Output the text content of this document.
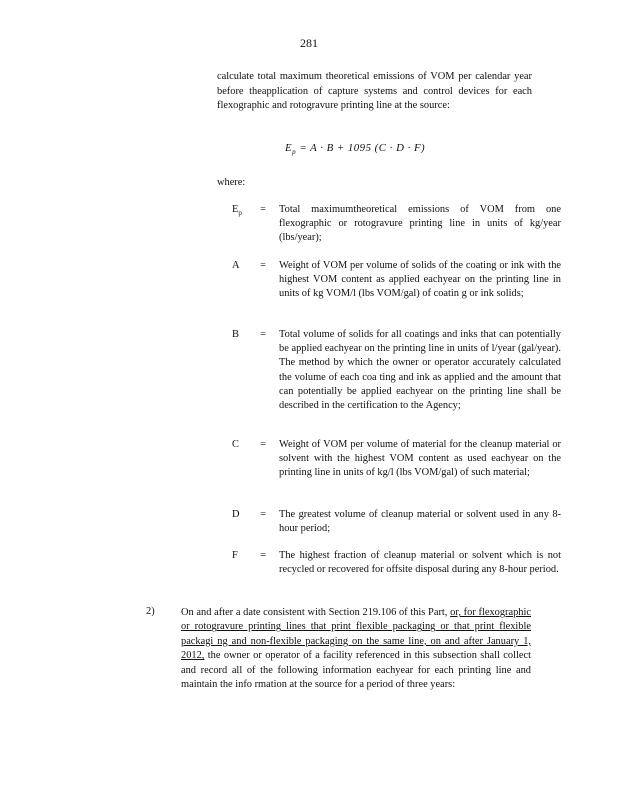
281
calculate total maximum theoretical emissions of VOM per calendar year before theapplication of capture systems and control devices for each flexographic and rotogravure printing line at the source:
$E_p = A \cdot B + 1095$ (C · D · F)
where:
$E_p$	= Total maximumtheoretical emissions of VOM from one flexographic or rotogravure printing line in units of kg/year (lbs/year);
A	= Weight of VOM per volume of solids of the coating or ink with the highest VOM content as applied eachyear on the printing line in units of kg VOM/l (lbs VOM/gal) of coatin g or ink solids;
B	= Total volume of solids for all coatings and inks that can potentially be applied eachyear on the printing line in units of l/year (gal/year). The method by which the owner or operator accurately calculated the volume of each coa ting and ink as applied and the amount that can potentially be applied eachyear on the printing line shall be described in the certification to the Agency;
C	= Weight of VOM per volume of material for the cleanup material or solvent with the highest VOM content as used eachyear on the printing line in units of kg/l (lbs VOM/gal) of such material;
D	= The greatest volume of cleanup material or solvent used in any 8-hour period;
F	= The highest fraction of cleanup material or solvent which is not recycled or recovered for offsite disposal during any 8-hour period.
2)	On and after a date consistent with Section 219.106 of this Part, or, for flexographic or rotogravure printing lines that print flexible packaging or that print flexible packagi ng and non-flexible packaging on the same line, on and after January 1, 2012, the owner or operator of a facility referenced in this subsection shall collect and record all of the following information eachyear for each printing line and maintain the info rmation at the source for a period of three years:
